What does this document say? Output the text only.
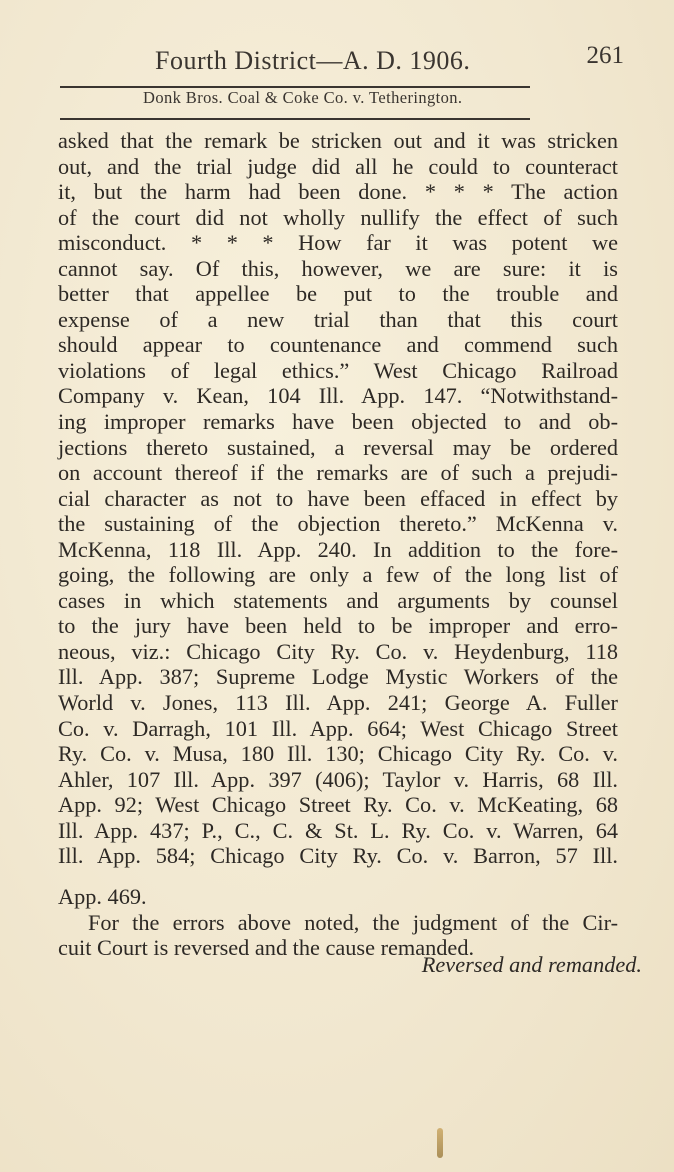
Fourth District—A. D. 1906.	261
Donk Bros. Coal & Coke Co. v. Tetherington.
asked that the remark be stricken out and it was stricken
out, and the trial judge did all he could to counteract
it, but the harm had been done. * * * The action
of the court did not wholly nullify the effect of such
misconduct. * * * How far it was potent we
cannot say. Of this, however, we are sure: it is
better that appellee be put to the trouble and
expense of a new trial than that this court
should appear to countenance and commend such
violations of legal ethics.” West Chicago Railroad
Company v. Kean, 104 Ill. App. 147. “Notwithstand-
ing improper remarks have been objected to and ob-
jections thereto sustained, a reversal may be ordered
on account thereof if the remarks are of such a prejudi-
cial character as not to have been effaced in effect by
the sustaining of the objection thereto.” McKenna v.
McKenna, 118 Ill. App. 240. In addition to the fore-
going, the following are only a few of the long list of
cases in which statements and arguments by counsel
to the jury have been held to be improper and erro-
neous, viz.: Chicago City Ry. Co. v. Heydenburg, 118
Ill. App. 387; Supreme Lodge Mystic Workers of the
World v. Jones, 113 Ill. App. 241; George A. Fuller
Co. v. Darragh, 101 Ill. App. 664; West Chicago Street
Ry. Co. v. Musa, 180 Ill. 130; Chicago City Ry. Co. v.
Ahler, 107 Ill. App. 397 (406); Taylor v. Harris, 68 Ill.
App. 92; West Chicago Street Ry. Co. v. McKeating, 68
Ill. App. 437; P., C., C. & St. L. Ry. Co. v. Warren, 64
Ill. App. 584; Chicago City Ry. Co. v. Barron, 57 Ill.
App. 469.
For the errors above noted, the judgment of the Cir-
cuit Court is reversed and the cause remanded.
Reversed and remanded.
